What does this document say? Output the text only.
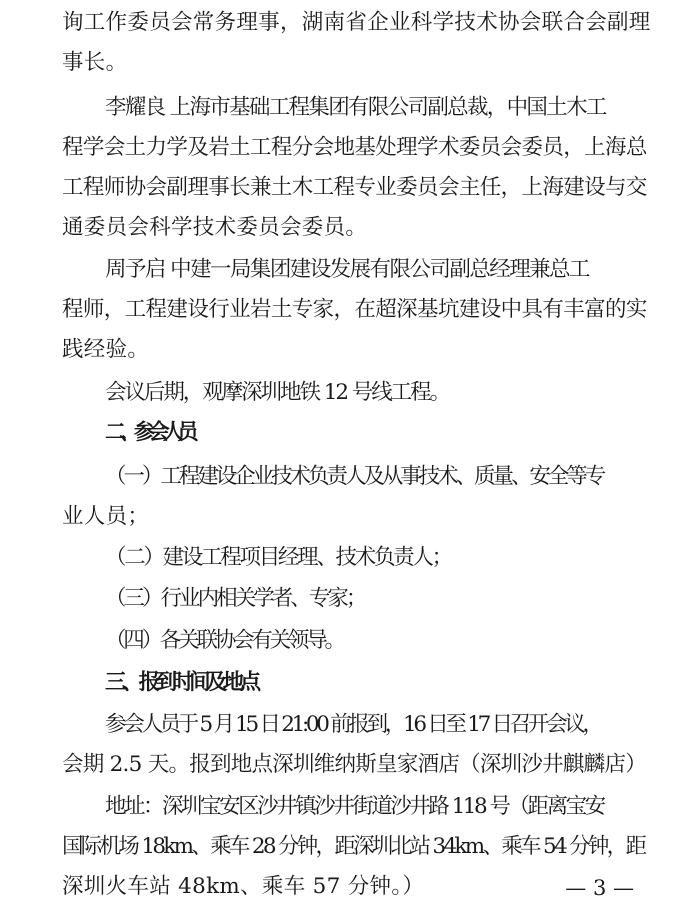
询工作委员会常务理事，湖南省企业科学技术协会联合会副理
事长。
李耀良 上海市基础工程集团有限公司副总裁，中国土木工
程学会土力学及岩土工程分会地基处理学术委员会委员，上海总
工程师协会副理事长兼土木工程专业委员会主任，上海建设与交
通委员会科学技术委员会委员。
周予启 中建一局集团建设发展有限公司副总经理兼总工
程师，工程建设行业岩土专家，在超深基坑建设中具有丰富的实
践经验。
会议后期，观摩深圳地铁 12 号线工程。
二、参会人员
（一）工程建设企业技术负责人及从事技术、质量、安全等专
业人员；
（二）建设工程项目经理、技术负责人；
（三）行业内相关学者、专家；
（四）各关联协会有关领导。
三、报到时间及地点
参会人员于 5 月 15 日 21:00 前报到，16 日至 17 日召开会议，
会期 2.5 天。报到地点深圳维纳斯皇家酒店（深圳沙井麒麟店）
地址：深圳宝安区沙井镇沙井街道沙井路 118 号（距离宝安
国际机场 18km、乘车 28 分钟，距深圳北站 34km、乘车 54 分钟，距
深圳火车站 48km、乘车 57 分钟。）	— 3 —
